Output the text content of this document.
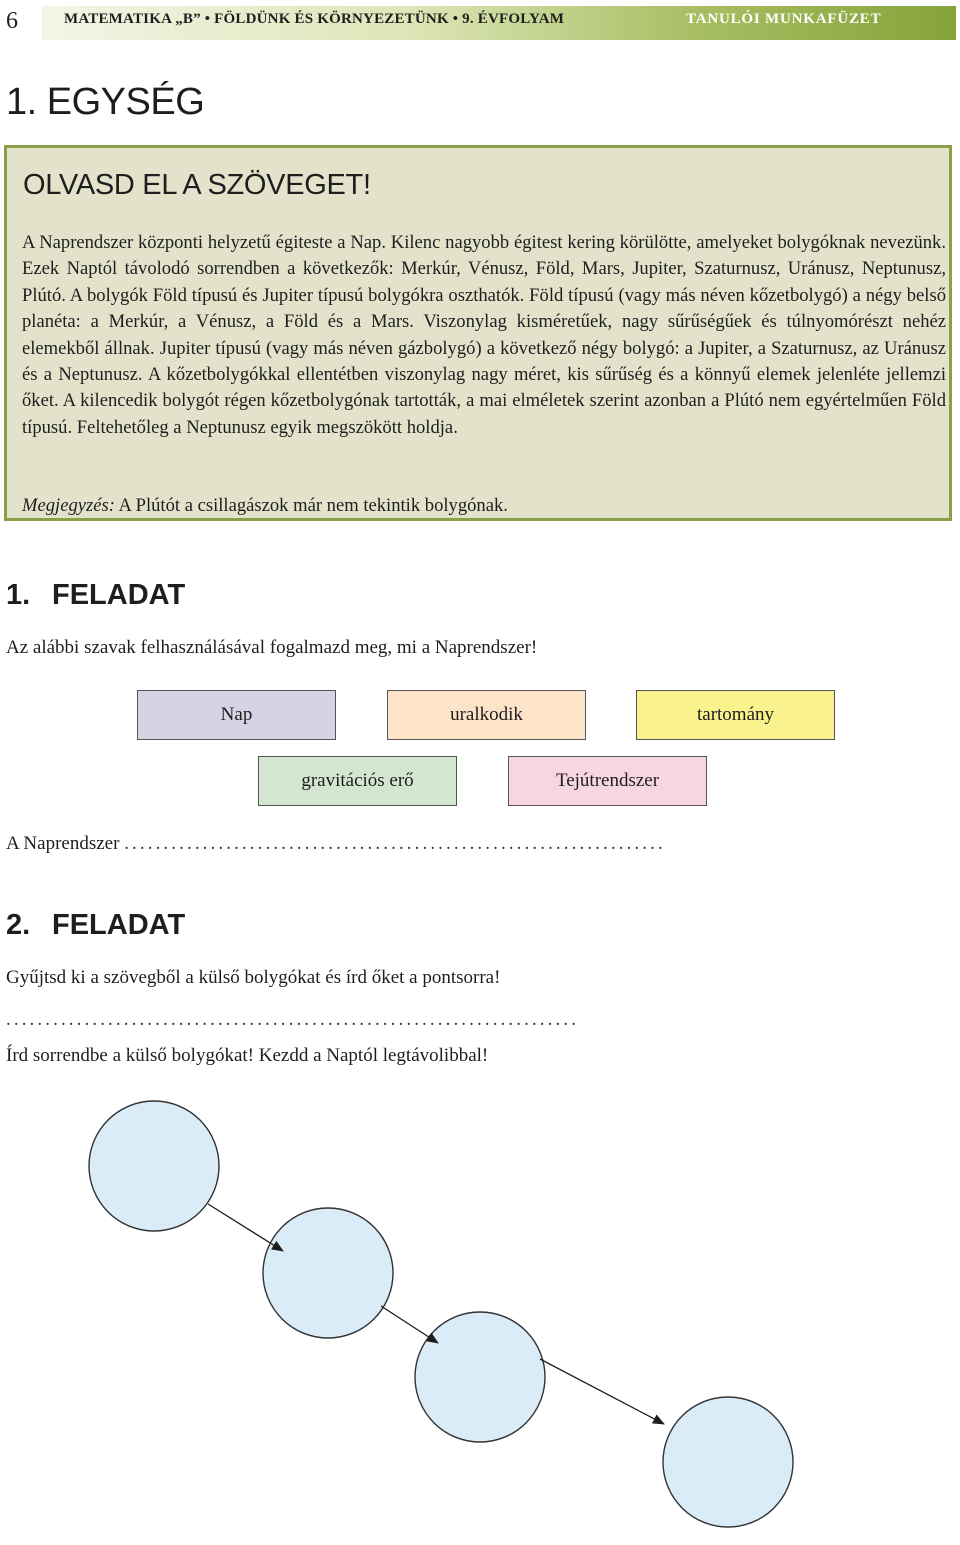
6	MATEMATIKA „B” • FÖLDÜNK ÉS KÖRNYEZETÜNK • 9. ÉVFOLYAM	TANULÓI MUNKAFÜZET
1. EGYSÉG
OLVASD EL A SZÖVEGET!
A Naprendszer központi helyzetű égiteste a Nap. Kilenc nagyobb égitest kering körülötte, amelyeket bolygóknak nevezünk. Ezek Naptól távolodó sorrendben a következők: Merkúr, Vénusz, Föld, Mars, Jupiter, Szaturnusz, Uránusz, Neptunusz, Plútó. A bolygók Föld típusú és Jupiter típusú bolygókra oszthatók. Föld típusú (vagy más néven kőzetbolygó) a négy belső planéta: a Merkúr, a Vénusz, a Föld és a Mars. Viszonylag kisméretűek, nagy sűrűségűek és túlnyomórészt nehéz elemekből állnak. Jupiter típusú (vagy más néven gázbolygó) a következő négy bolygó: a Jupiter, a Szaturnusz, az Uránusz és a Neptunusz. A kőzetbolygókkal ellentétben viszonylag nagy méret, kis sűrűség és a könnyű elemek jelenléte jellemzi őket. A kilencedik bolygót régen kőzetbolygónak tartották, a mai elméletek szerint azonban a Plútó nem egyértelműen Föld típusú. Feltehetőleg a Neptunusz egyik megszökött holdja.
Megjegyzés: A Plútót a csillagászok már nem tekintik bolygónak.
1. FELADAT
Az alábbi szavak felhasználásával fogalmazd meg, mi a Naprendszer!
Nap	uralkodik	tartomány
gravitációs erő	Tejútrendszer
A Naprendszer .....................................................................
2. FELADAT
Gyűjtsd ki a szövegből a külső bolygókat és írd őket a pontsorra!
.........................................................................
Írd sorrendbe a külső bolygókat! Kezdd a Naptól legtávolibbal!
